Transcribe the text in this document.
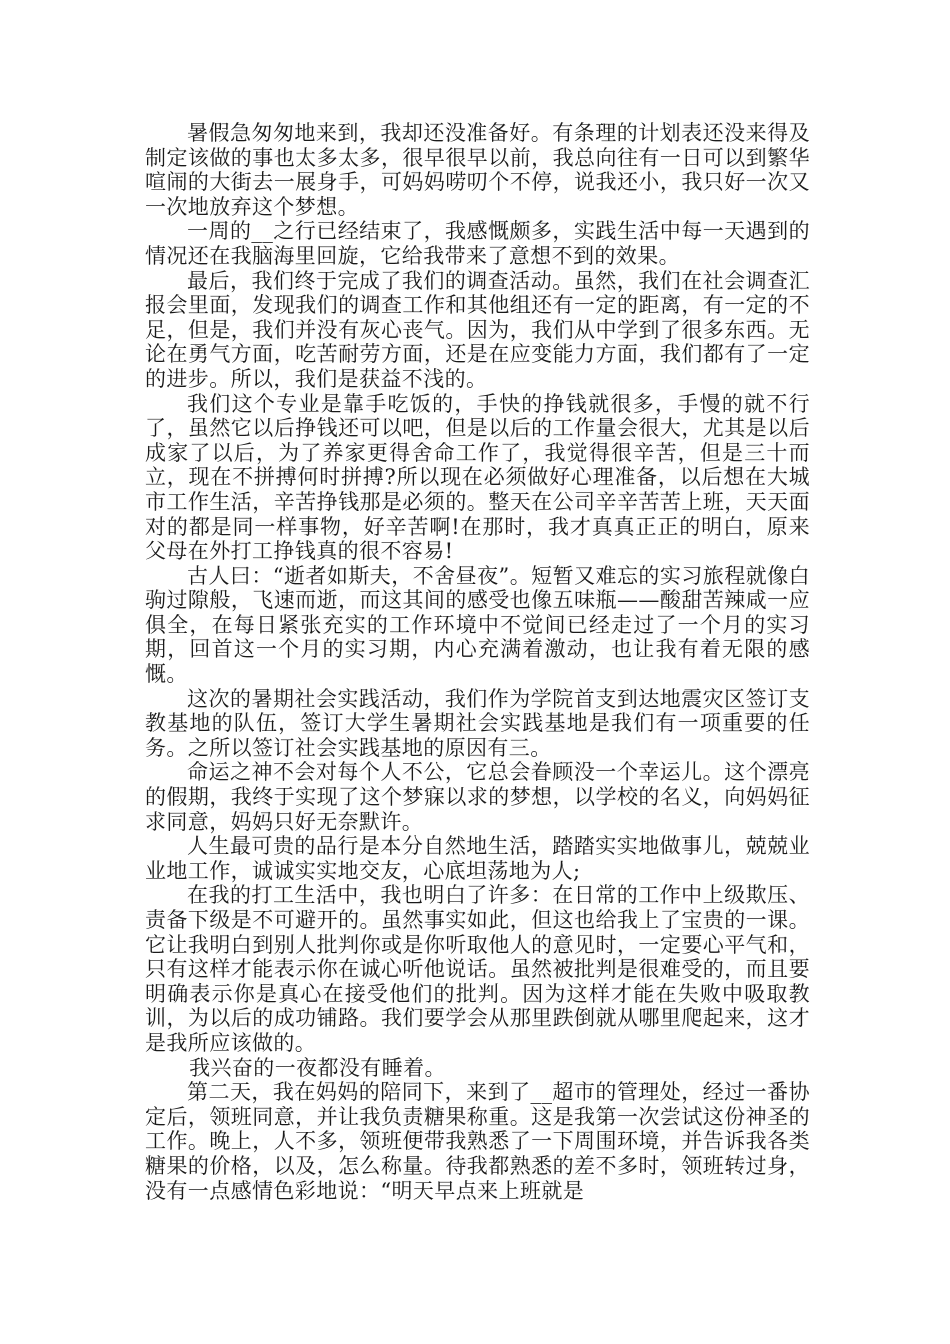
暑假急匆匆地来到，我却还没准备好。有条理的计划表还没来得及制定该做的事也太多太多，很早很早以前，我总向往有一日可以到繁华喧闹的大街去一展身手，可妈妈唠叨个不停，说我还小，我只好一次又一次地放弃这个梦想。

一周的__之行已经结束了，我感慨颇多，实践生活中每一天遇到的情况还在我脑海里回旋，它给我带来了意想不到的效果。

最后，我们终于完成了我们的调查活动。虽然，我们在社会调查汇报会里面，发现我们的调查工作和其他组还有一定的距离，有一定的不足，但是，我们并没有灰心丧气。因为，我们从中学到了很多东西。无论在勇气方面，吃苦耐劳方面，还是在应变能力方面，我们都有了一定的进步。所以，我们是获益不浅的。

我们这个专业是靠手吃饭的，手快的挣钱就很多，手慢的就不行了，虽然它以后挣钱还可以吧，但是以后的工作量会很大，尤其是以后成家了以后，为了养家更得舍命工作了，我觉得很辛苦，但是三十而立，现在不拼搏何时拼搏?所以现在必须做好心理准备，以后想在大城市工作生活，辛苦挣钱那是必须的。整天在公司辛辛苦苦上班，天天面对的都是同一样事物，好辛苦啊!在那时，我才真真正正的明白，原来父母在外打工挣钱真的很不容易!

古人曰：“逝者如斯夫，不舍昼夜”。短暂又难忘的实习旅程就像白驹过隙般，飞速而逝，而这其间的感受也像五味瓶——酸甜苦辣咸一应俱全，在每日紧张充实的工作环境中不觉间已经走过了一个月的实习期，回首这一个月的实习期，内心充满着激动，也让我有着无限的感慨。

这次的暑期社会实践活动，我们作为学院首支到达地震灾区签订支教基地的队伍，签订大学生暑期社会实践基地是我们有一项重要的任务。之所以签订社会实践基地的原因有三。

命运之神不会对每个人不公，它总会眷顾没一个幸运儿。这个漂亮的假期，我终于实现了这个梦寐以求的梦想，以学校的名义，向妈妈征求同意，妈妈只好无奈默许。

人生最可贵的品行是本分自然地生活，踏踏实实地做事儿，兢兢业业地工作，诚诚实实地交友，心底坦荡地为人;

在我的打工生活中，我也明白了许多：在日常的工作中上级欺压、责备下级是不可避开的。虽然事实如此，但这也给我上了宝贵的一课。它让我明白到别人批判你或是你听取他人的意见时，一定要心平气和，只有这样才能表示你在诚心听他说话。虽然被批判是很难受的，而且要明确表示你是真心在接受他们的批判。因为这样才能在失败中吸取教训，为以后的成功铺路。我们要学会从那里跌倒就从哪里爬起来，这才是我所应该做的。

我兴奋的一夜都没有睡着。

第二天，我在妈妈的陪同下，来到了__超市的管理处，经过一番协定后，领班同意，并让我负责糖果称重。这是我第一次尝试这份神圣的工作。晚上，人不多，领班便带我熟悉了一下周围环境，并告诉我各类糖果的价格，以及，怎么称量。待我都熟悉的差不多时，领班转过身，没有一点感情色彩地说：“明天早点来上班就是
